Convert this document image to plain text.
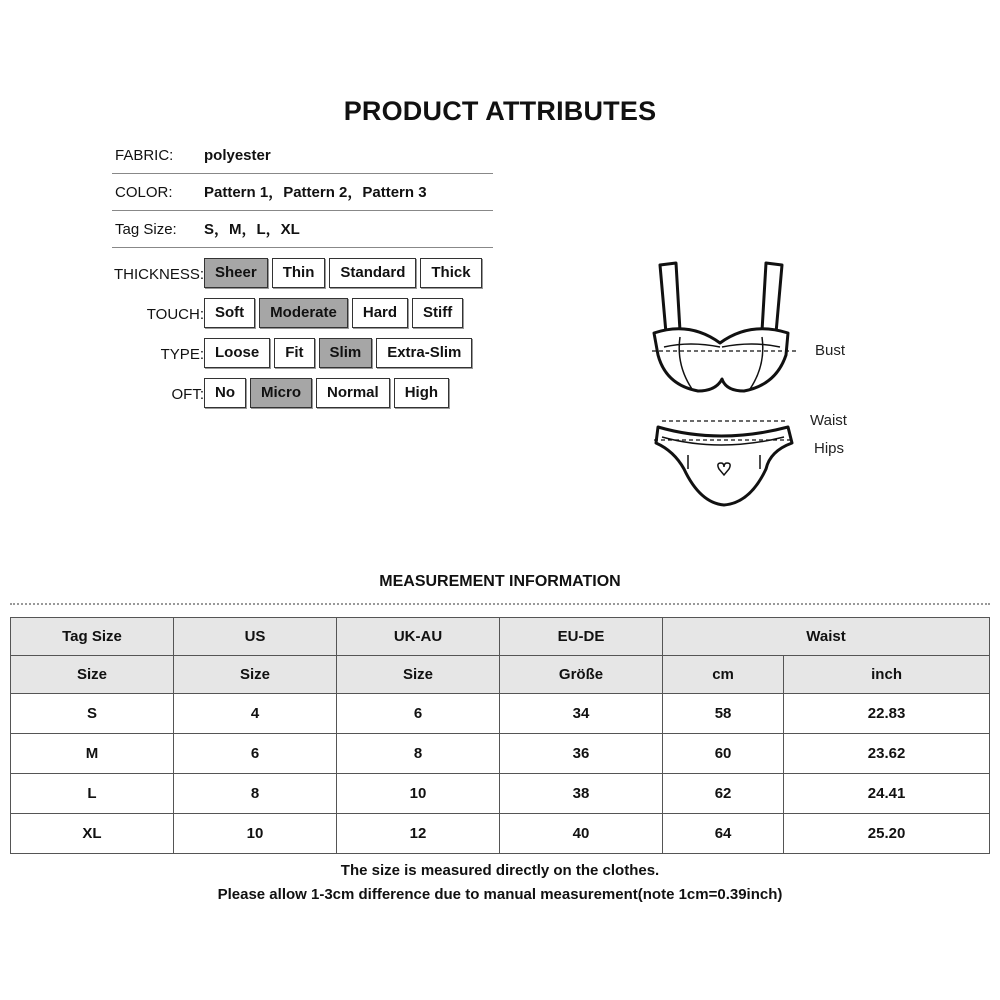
PRODUCT ATTRIBUTES
FABRIC: polyester
COLOR: Pattern 1，Pattern 2，Pattern 3
Tag Size: S，M，L，XL
THICKNESS: Sheer	Thin	Standard	Thick
TOUCH: Soft	Moderate	Hard	Stiff
TYPE: Loose	Fit	Slim	Extra-Slim
OFT: No	Micro	Normal	High
Bust
Waist
Hips
MEASUREMENT INFORMATION
Tag Size	US	UK-AU	EU-DE	Waist	
Size	Size	Size	Größe	cm	inch
S	4	6	34	58	22.83
M	6	8	36	60	23.62
L	8	10	38	62	24.41
XL	10	12	40	64	25.20
The size is measured directly on the clothes.
Please allow 1-3cm difference due to manual measurement(note 1cm=0.39inch)
